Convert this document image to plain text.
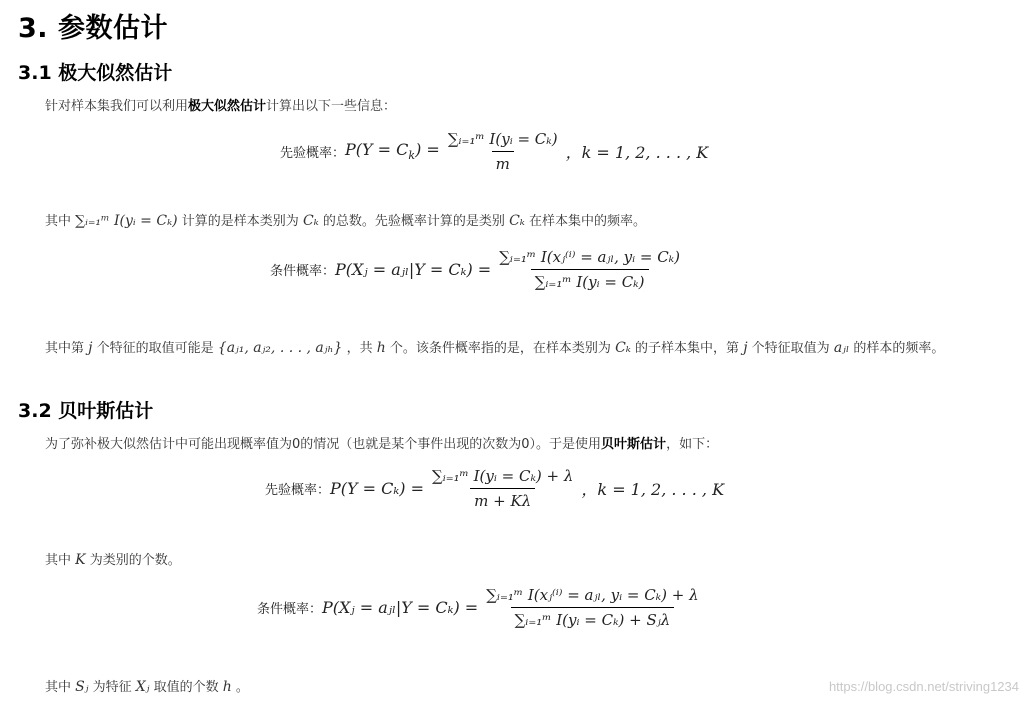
3. 参数估计
3.1 极大似然估计
针对样本集我们可以利用极大似然估计计算出以下一些信息：
先验概率： $P(Y = C_k) = \frac{\text{∑ᵢ₌₁ᵐ I(yᵢ = Cₖ)}}{m}$ ，k = 1, 2, . . . , K
其中 ∑ᵢ₌₁ᵐ I(yᵢ = Cₖ) 计算的是样本类别为 Cₖ 的总数。先验概率计算的是类别 Cₖ 在样本集中的频率。
条件概率： P(Xⱼ = aⱼₗ|Y = $C_k) = \frac{\text{∑ᵢ₌₁ᵐ I(xⱼ⁽ⁱ⁾ = aⱼₗ, yᵢ = Cₖ)}}{\text{∑ᵢ₌₁ᵐ I(yᵢ = Cₖ)}}$
其中第 j 个特征的取值可能是 {aⱼ₁, aⱼ₂, . . . , aⱼₕ} ，共 h 个。该条件概率指的是，在样本类别为 Cₖ 的子样本集中，第 j 个特征取值为 aⱼₗ 的样本的频率。
3.2 贝叶斯估计
为了弥补极大似然估计中可能出现概率值为0的情况（也就是某个事件出现的次数为0）。于是使用贝叶斯估计，如下：
先验概率： $P(Y = C_k) = \frac{\text{∑ᵢ₌₁ᵐ I(yᵢ = Cₖ) + λ}}{m + K\lambda}$ ，k = 1, 2, . . . , K
其中 K 为类别的个数。
条件概率： P(Xⱼ = aⱼₗ|Y = $C_k) = \frac{\text{∑ᵢ₌₁ᵐ I(xⱼ⁽ⁱ⁾ = aⱼₗ, yᵢ = Cₖ) + λ}}{\text{∑ᵢ₌₁ᵐ I(yᵢ = Cₖ) + Sⱼλ}}$
其中 Sⱼ 为特征 Xⱼ 取值的个数 h 。	https://blog.csdn.net/striving1234
